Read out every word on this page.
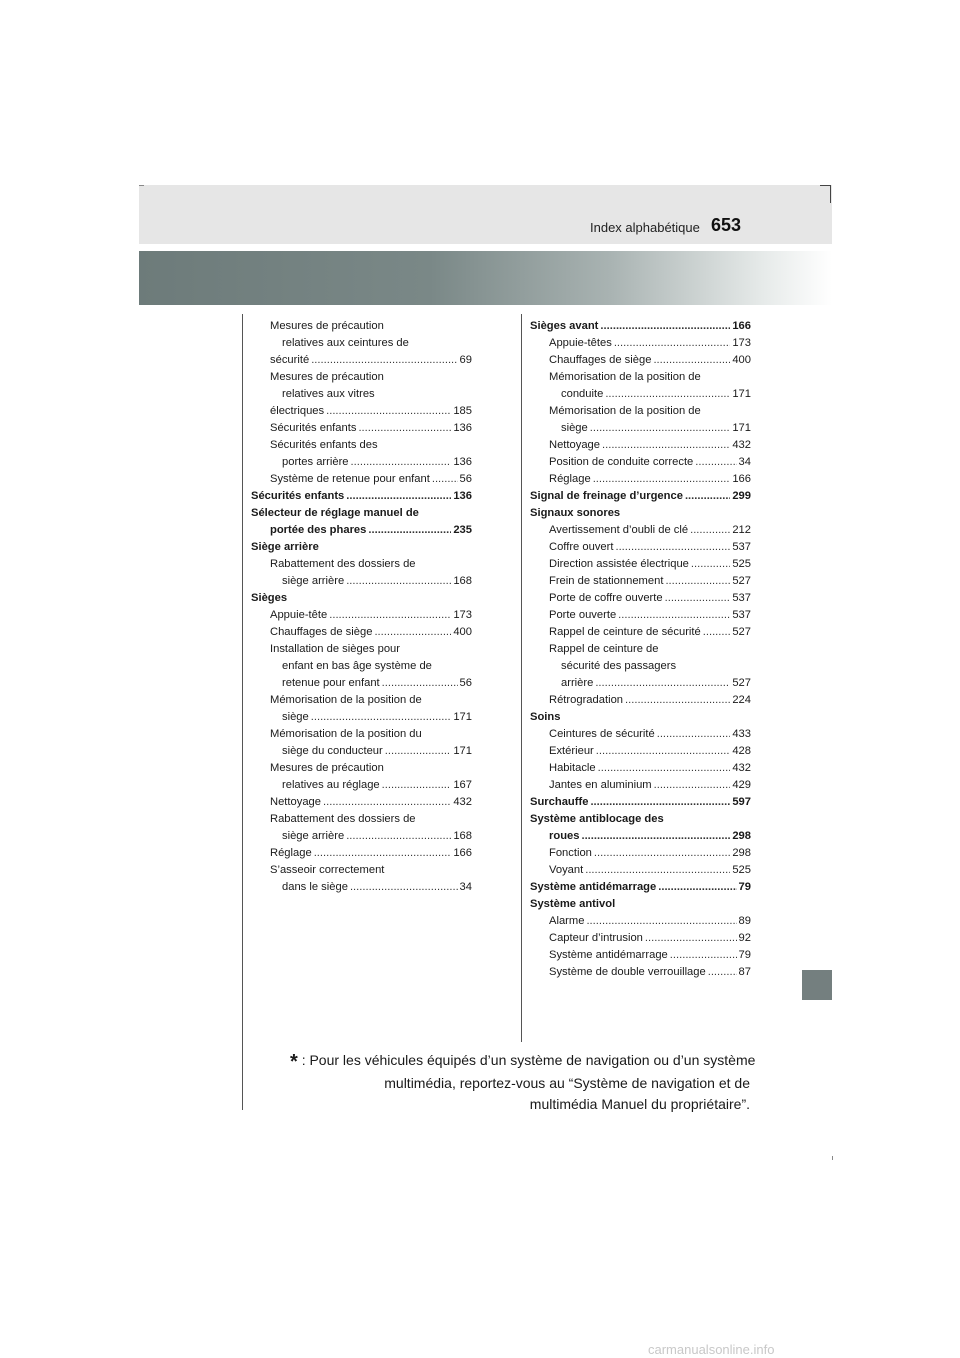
Index alphabétique 653
Mesures de précaution
relatives aux ceintures de
sécurité .....	69
Mesures de précaution
relatives aux vitres
électriques .....	185
Sécurités enfants .....	136
Sécurités enfants des
portes arrière .....	136
Système de retenue pour enfant .....	56
Sécurités enfants .....	136
Sélecteur de réglage manuel de
portée des phares .....	235
Siège arrière
Rabattement des dossiers de
siège arrière .....	168
Sièges
Appuie-tête .....	173
Chauffages de siège .....	400
Installation de sièges pour
enfant en bas âge système de
retenue pour enfant .....	56
Mémorisation de la position de
siège .....	171
Mémorisation de la position du
siège du conducteur .....	171
Mesures de précaution
relatives au réglage .....	167
Nettoyage .....	432
Rabattement des dossiers de
siège arrière .....	168
Réglage .....	166
S’asseoir correctement
dans le siège .....	34
Sièges avant .....	166
Appuie-têtes .....	173
Chauffages de siège .....	400
Mémorisation de la position de
conduite .....	171
Mémorisation de la position de
siège .....	171
Nettoyage .....	432
Position de conduite correcte .....	34
Réglage .....	166
Signal de freinage d’urgence .....	299
Signaux sonores
Avertissement d’oubli de clé .....	212
Coffre ouvert .....	537
Direction assistée électrique .....	525
Frein de stationnement .....	527
Porte de coffre ouverte .....	537
Porte ouverte .....	537
Rappel de ceinture de sécurité .....	527
Rappel de ceinture de
sécurité des passagers
arrière .....	527
Rétrogradation .....	224
Soins
Ceintures de sécurité .....	433
Extérieur .....	428
Habitacle .....	432
Jantes en aluminium .....	429
Surchauffe .....	597
Système antiblocage des
roues .....	298
Fonction .....	298
Voyant .....	525
Système antidémarrage .....	79
Système antivol
Alarme .....	89
Capteur d’intrusion .....	92
Système antidémarrage .....	79
Système de double verrouillage .....	87
* : Pour les véhicules équipés d’un système de navigation ou d’un système
multimédia, reportez-vous au “Système de navigation et de
multimédia Manuel du propriétaire”.
carmanualsonline.info
